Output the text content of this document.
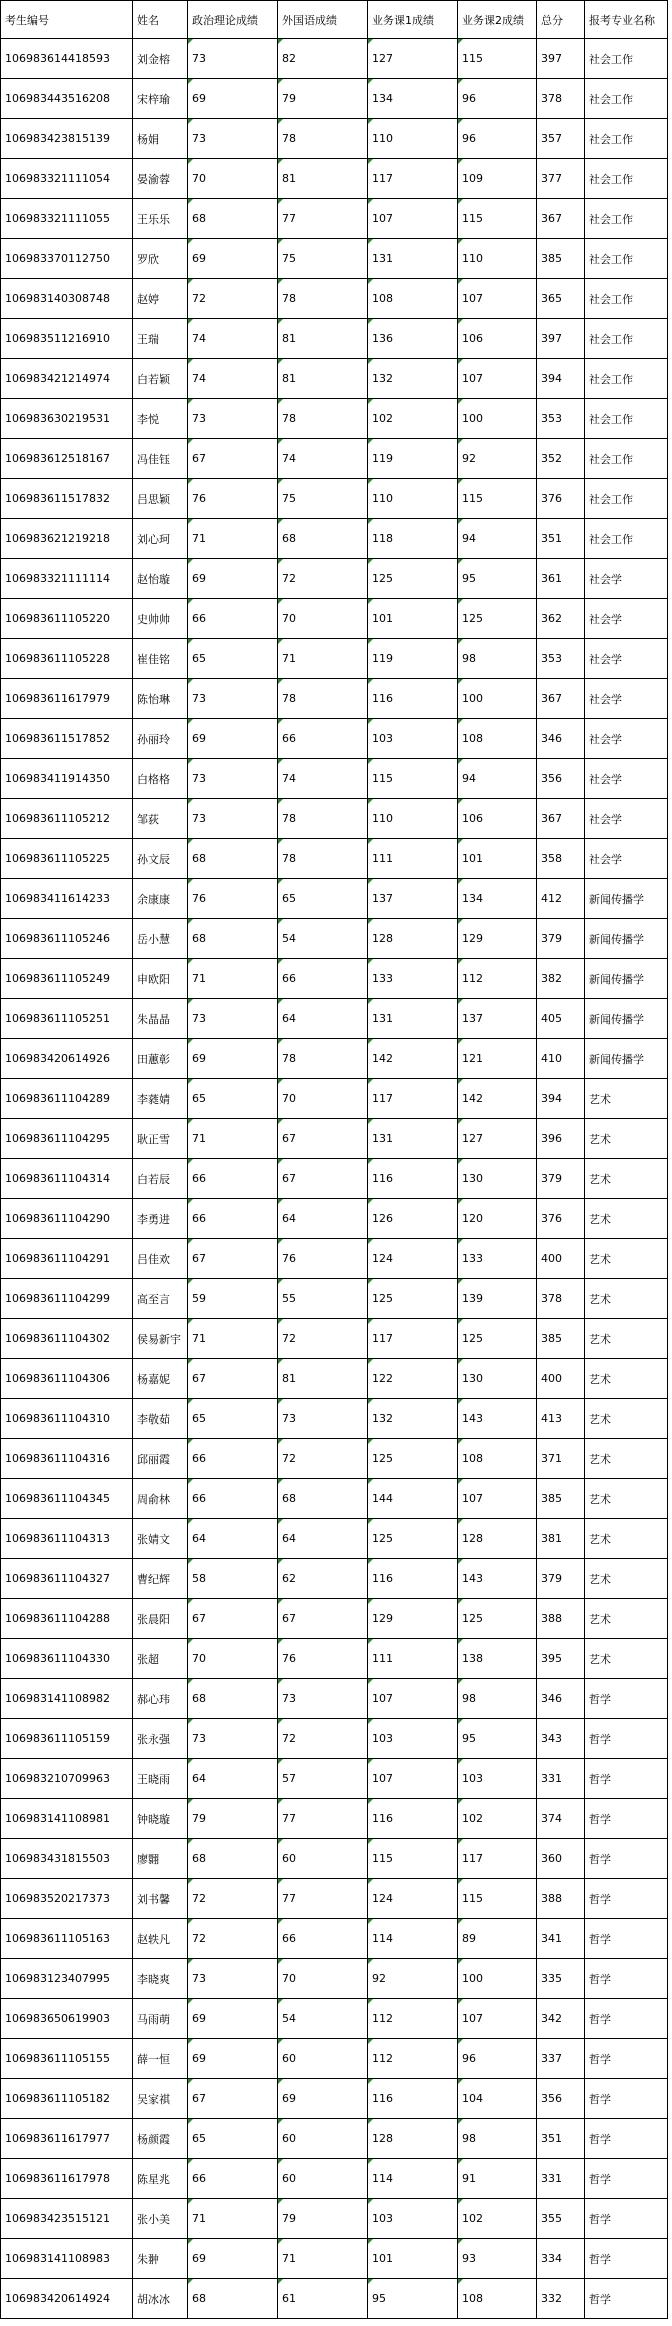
考生编号	姓名	政治理论成绩	外国语成绩	业务课1成绩	业务课2成绩	总分	报考专业名称
106983614418593	刘金榕	73	82	127	115	397	社会工作
106983443516208	宋梓瑜	69	79	134	96	378	社会工作
106983423815139	杨娟	73	78	110	96	357	社会工作
106983321111054	晏渝蓉	70	81	117	109	377	社会工作
106983321111055	王乐乐	68	77	107	115	367	社会工作
106983370112750	罗欣	69	75	131	110	385	社会工作
106983140308748	赵婷	72	78	108	107	365	社会工作
106983511216910	王瑞	74	81	136	106	397	社会工作
106983421214974	白若颖	74	81	132	107	394	社会工作
106983630219531	李悦	73	78	102	100	353	社会工作
106983612518167	冯佳钰	67	74	119	92	352	社会工作
106983611517832	吕思颖	76	75	110	115	376	社会工作
106983621219218	刘心珂	71	68	118	94	351	社会工作
106983321111114	赵怡璇	69	72	125	95	361	社会学
106983611105220	史帅帅	66	70	101	125	362	社会学
106983611105228	崔佳铭	65	71	119	98	353	社会学
106983611617979	陈怡琳	73	78	116	100	367	社会学
106983611517852	孙丽玲	69	66	103	108	346	社会学
106983411914350	白格格	73	74	115	94	356	社会学
106983611105212	邹荻	73	78	110	106	367	社会学
106983611105225	孙文辰	68	78	111	101	358	社会学
106983411614233	余康康	76	65	137	134	412	新闻传播学
106983611105246	岳小慧	68	54	128	129	379	新闻传播学
106983611105249	申欧阳	71	66	133	112	382	新闻传播学
106983611105251	朱晶晶	73	64	131	137	405	新闻传播学
106983420614926	田蕙彰	69	78	142	121	410	新闻传播学
106983611104289	李蕤婧	65	70	117	142	394	艺术
106983611104295	耿正雪	71	67	131	127	396	艺术
106983611104314	白若辰	66	67	116	130	379	艺术
106983611104290	李勇进	66	64	126	120	376	艺术
106983611104291	吕佳欢	67	76	124	133	400	艺术
106983611104299	高至言	59	55	125	139	378	艺术
106983611104302	侯易新宇	71	72	117	125	385	艺术
106983611104306	杨嘉妮	67	81	122	130	400	艺术
106983611104310	李敬茹	65	73	132	143	413	艺术
106983611104316	邱丽霞	66	72	125	108	371	艺术
106983611104345	周俞林	66	68	144	107	385	艺术
106983611104313	张婧文	64	64	125	128	381	艺术
106983611104327	曹纪辉	58	62	116	143	379	艺术
106983611104288	张晨阳	67	67	129	125	388	艺术
106983611104330	张超	70	76	111	138	395	艺术
106983141108982	郝心玮	68	73	107	98	346	哲学
106983611105159	张永强	73	72	103	95	343	哲学
106983210709963	王晓雨	64	57	107	103	331	哲学
106983141108981	钟晓璇	79	77	116	102	374	哲学
106983431815503	廖翾	68	60	115	117	360	哲学
106983520217373	刘书馨	72	77	124	115	388	哲学
106983611105163	赵轶凡	72	66	114	89	341	哲学
106983123407995	李晓爽	73	70	92	100	335	哲学
106983650619903	马雨萌	69	54	112	107	342	哲学
106983611105155	薛一恒	69	60	112	96	337	哲学
106983611105182	吴家祺	67	69	116	104	356	哲学
106983611617977	杨颜霞	65	60	128	98	351	哲学
106983611617978	陈星兆	66	60	114	91	331	哲学
106983423515121	张小美	71	79	103	102	355	哲学
106983141108983	朱翀	69	71	101	93	334	哲学
106983420614924	胡冰冰	68	61	95	108	332	哲学
